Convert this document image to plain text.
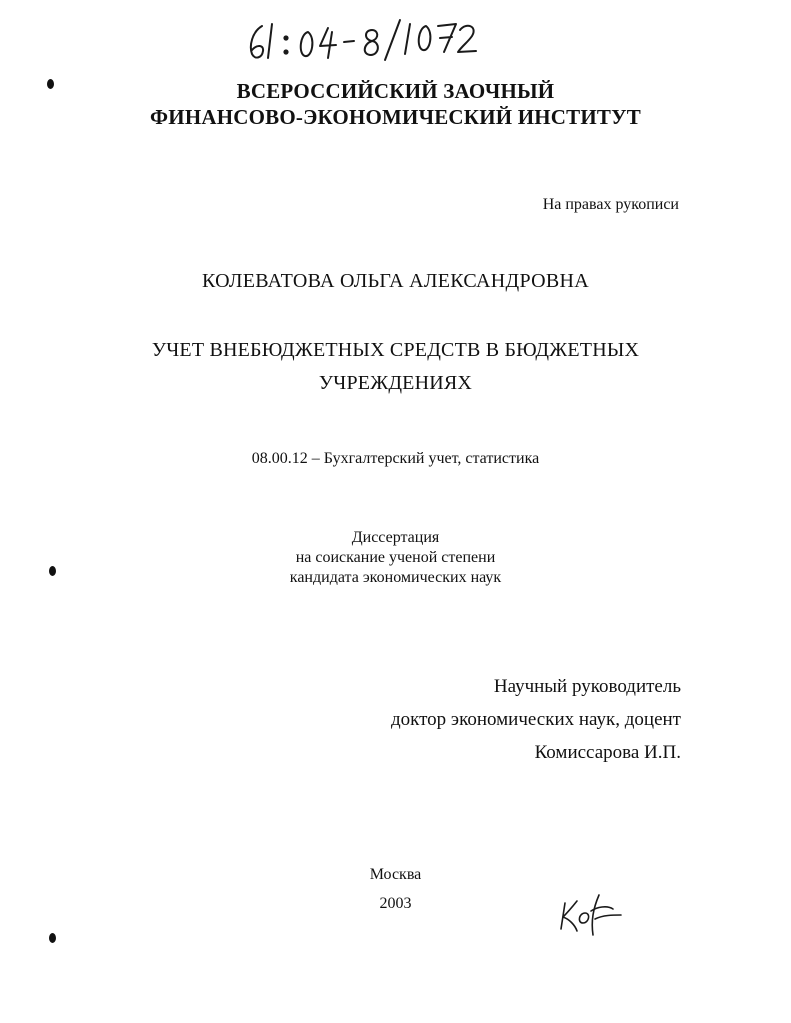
ВСЕРОССИЙСКИЙ ЗАОЧНЫЙ
ФИНАНСОВО-ЭКОНОМИЧЕСКИЙ ИНСТИТУТ
На правах рукописи
КОЛЕВАТОВА ОЛЬГА АЛЕКСАНДРОВНА
УЧЕТ ВНЕБЮДЖЕТНЫХ СРЕДСТВ В БЮДЖЕТНЫХ
УЧРЕЖДЕНИЯХ
08.00.12 – Бухгалтерский учет, статистика
Диссертация
на соискание ученой степени
кандидата экономических наук
Научный руководитель
доктор экономических наук, доцент
Комиссарова И.П.
Москва
2003
